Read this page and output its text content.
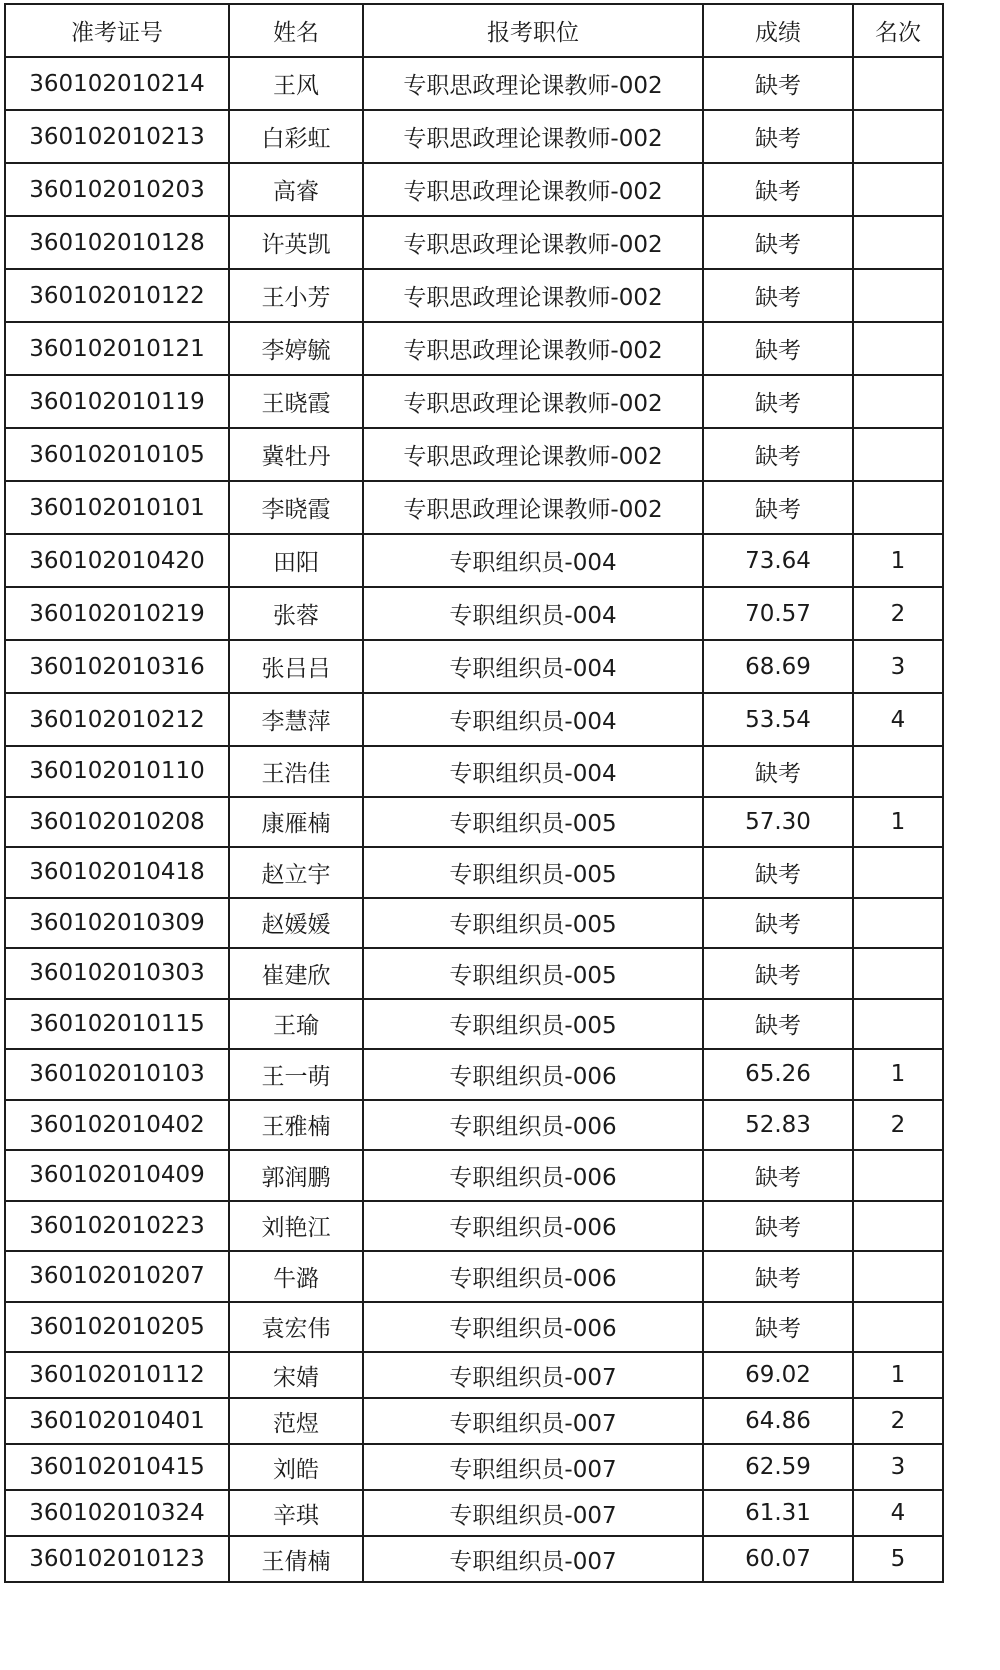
准考证号	姓名	报考职位	成绩	名次
360102010214	王风	专职思政理论课教师-002	缺考	
360102010213	白彩虹	专职思政理论课教师-002	缺考	
360102010203	高睿	专职思政理论课教师-002	缺考	
360102010128	许英凯	专职思政理论课教师-002	缺考	
360102010122	王小芳	专职思政理论课教师-002	缺考	
360102010121	李婷毓	专职思政理论课教师-002	缺考	
360102010119	王晓霞	专职思政理论课教师-002	缺考	
360102010105	冀牡丹	专职思政理论课教师-002	缺考	
360102010101	李晓霞	专职思政理论课教师-002	缺考	
360102010420	田阳	专职组织员-004	73.64	1
360102010219	张蓉	专职组织员-004	70.57	2
360102010316	张吕吕	专职组织员-004	68.69	3
360102010212	李慧萍	专职组织员-004	53.54	4
360102010110	王浩佳	专职组织员-004	缺考	
360102010208	康雁楠	专职组织员-005	57.30	1
360102010418	赵立宇	专职组织员-005	缺考	
360102010309	赵媛媛	专职组织员-005	缺考	
360102010303	崔建欣	专职组织员-005	缺考	
360102010115	王瑜	专职组织员-005	缺考	
360102010103	王一萌	专职组织员-006	65.26	1
360102010402	王雅楠	专职组织员-006	52.83	2
360102010409	郭润鹏	专职组织员-006	缺考	
360102010223	刘艳江	专职组织员-006	缺考	
360102010207	牛潞	专职组织员-006	缺考	
360102010205	袁宏伟	专职组织员-006	缺考	
360102010112	宋婧	专职组织员-007	69.02	1
360102010401	范煜	专职组织员-007	64.86	2
360102010415	刘皓	专职组织员-007	62.59	3
360102010324	辛琪	专职组织员-007	61.31	4
360102010123	王倩楠	专职组织员-007	60.07	5
